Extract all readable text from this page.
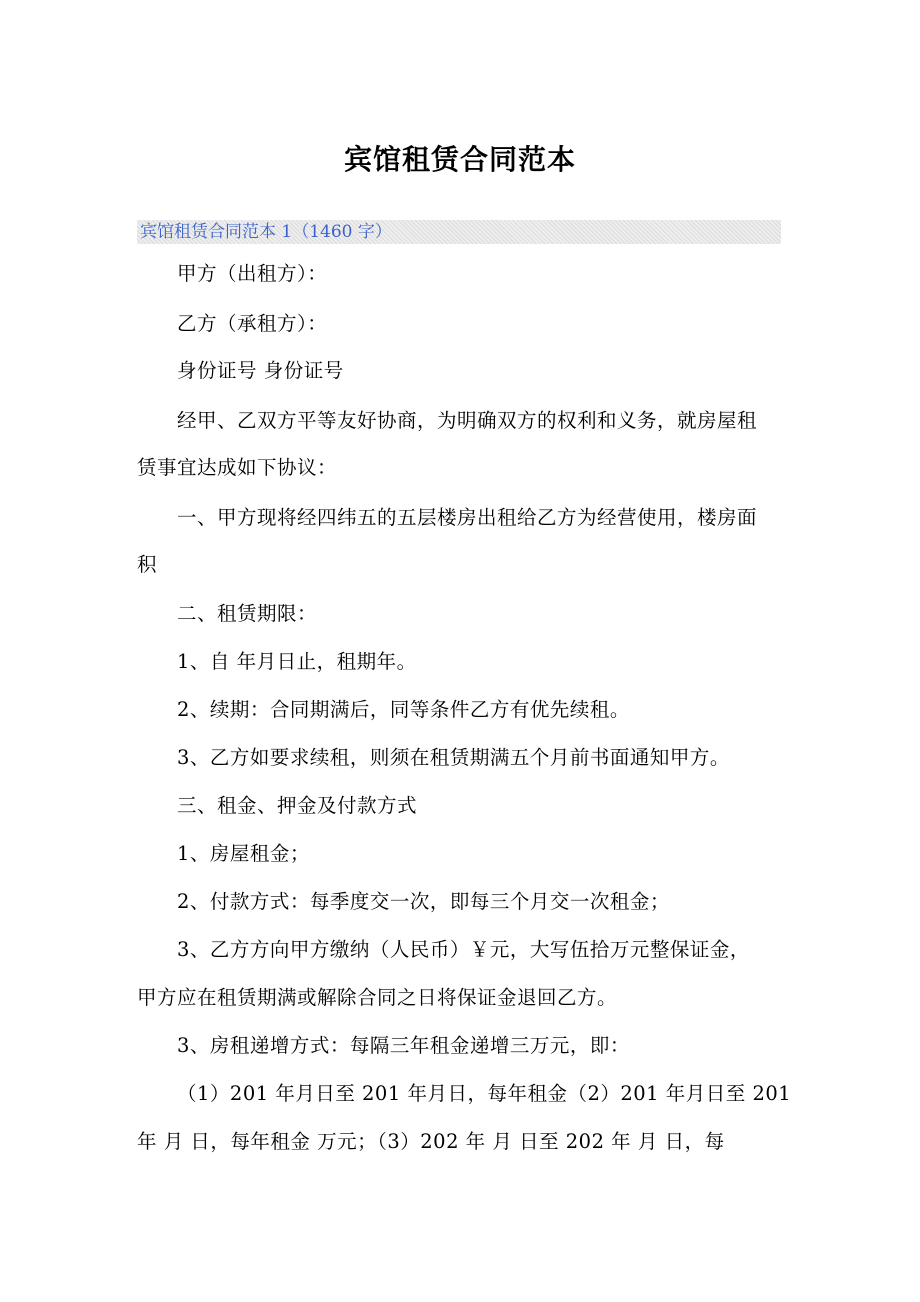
宾馆租赁合同范本
宾馆租赁合同范本 1（1460 字）
甲方（出租方）：
乙方（承租方）：
身份证号 身份证号
经甲、乙双方平等友好协商，为明确双方的权利和义务，就房屋租
赁事宜达成如下协议：
一、甲方现将经四纬五的五层楼房出租给乙方为经营使用，楼房面
积
二、租赁期限：
1、自 年月日止，租期年。
2、续期：合同期满后，同等条件乙方有优先续租。
3、乙方如要求续租，则须在租赁期满五个月前书面通知甲方。
三、租金、押金及付款方式
1、房屋租金；
2、付款方式：每季度交一次，即每三个月交一次租金；
3、乙方方向甲方缴纳（人民币）￥元，大写伍拾万元整保证金，
甲方应在租赁期满或解除合同之日将保证金退回乙方。
3、房租递增方式：每隔三年租金递增三万元，即：
（1）201 年月日至 201 年月日，每年租金（2）201 年月日至 201
年 月 日，每年租金 万元；（3）202 年 月 日至 202 年 月 日，每
